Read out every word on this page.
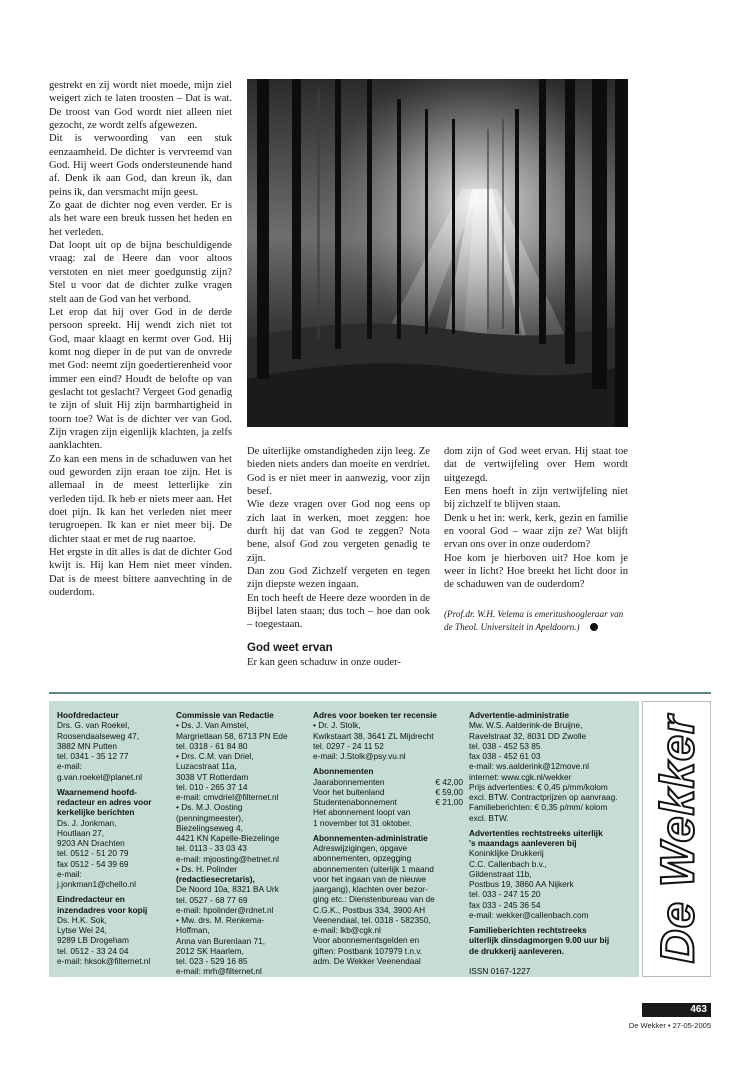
gestrekt en zij wordt niet moede, mijn ziel weigert zich te laten troosten – Dat is wat. De troost van God wordt niet alleen niet gezocht, ze wordt zelfs afgewezen.

Dit is verwoording van een stuk eenzaamheid. De dichter is vervreemd van God. Hij weert Gods ondersteunende hand af. Denk ik aan God, dan kreun ik, dan peins ik, dan versmacht mijn geest.

Zo gaat de dichter nog even verder. Er is als het ware een breuk tussen het heden en het verleden.

Dat loopt uit op de bijna beschuldigende vraag: zal de Heere dan voor altoos verstoten en niet meer goedgunstig zijn? Stel u voor dat de dichter zulke vragen stelt aan de God van het verbond.

Let erop dat hij over God in de derde persoon spreekt. Hij wendt zich niet tot God, maar klaagt en kermt over God. Hij komt nog dieper in de put van de onvrede met God: neemt zijn goedertierenheid voor immer een eind? Houdt de belofte op van geslacht tot geslacht? Vergeet God genadig te zijn of sluit Hij zijn barmhartigheid in toorn toe? Wat is de dichter ver van God. Zijn vragen zijn eigenlijk klachten, ja zelfs aanklachten.

Zo kan een mens in de schaduwen van het oud geworden zijn eraan toe zijn. Het is allemaal in de meest letterlijke zin verleden tijd. Ik heb er niets meer aan. Het doet pijn. Ik kan het verleden niet meer terugroepen. Ik kan er niet meer bij. De dichter staat er met de rug naartoe.

Het ergste in dit alles is dat de dichter God kwijt is. Hij kan Hem niet meer vinden. Dat is de meest bittere aanvechting in de ouderdom.

De uiterlijke omstandigheden zijn leeg. Ze bieden niets anders dan moeite en verdriet. God is er niet meer in aanwezig, voor zijn besef.

Wie deze vragen over God nog eens op zich laat in werken, moet zeggen: hoe durft hij dat van God te zeggen? Nota bene, alsof God zou vergeten genadig te zijn.

Dan zou God Zichzelf vergeten en tegen zijn diepste wezen ingaan.

En toch heeft de Heere deze woorden in de Bijbel laten staan; dus toch – hoe dan ook – toegestaan.

God weet ervan

Er kan geen schaduw in onze ouder-

dom zijn of God weet ervan. Hij staat toe dat de vertwijfeling over Hem wordt uitgezegd.

Een mens hoeft in zijn vertwijfeling niet bij zichzelf te blijven staan.

Denk u het in: werk, kerk, gezin en familie en vooral God – waar zijn ze? Wat blijft ervan ons over in onze ouderdom?

Hoe kom je hierboven uit? Hoe kom je weer in licht? Hoe breekt het licht door in de schaduwen van de ouderdom?

(Prof.dr. W.H. Velema is emeritushoogleraar van de Theol. Universiteit in Apeldoorn.)
Hoofdredacteur
Drs. G. van Roekel,
Roosendaalseweg 47,
3882 MN Putten
tel. 0341 - 35 12 77
e-mail:
g.van.roekel@planet.nl
Waarnemend hoofd-
redacteur en adres voor
kerkelijke berichten
Ds. J. Jonkman,
Houtlaan 27,
9203 AN Drachten
tel. 0512 - 51 20 79
fax 0512 - 54 39 69
e-mail:
j.jonkman1@chello.nl
Eindredacteur en
inzendadres voor kopij
Ds. H.K. Sok,
Lytse Wei 24,
9289 LB Drogeham
tel. 0512 - 33 24 04
e-mail: hksok@filternet.nl
Commissie van Redactie
• Ds. J. Van Amstel,
Margrietlaan 58, 6713 PN Ede
tel. 0318 - 61 84 80
• Drs. C.M. van Driel,
Luzacstraat 11a,
3038 VT Rotterdam
tel. 010 - 265 37 14
e-mail: cmvdriel@filternet.nl
• Ds. M.J. Oosting
(penningmeester),
Biezelingseweg 4,
4421 KN Kapelle-Biezelinge
tel. 0113 - 33 03 43
e-mail: mjoosting@hetnet.nl
• Ds. H. Polinder
(redactiesecretaris),
De Noord 10a, 8321 BA Urk
tel. 0527 - 68 77 69
e-mail: hpolinder@rdnet.nl
• Mw. drs. M. Renkema-
Hoffman,
Anna van Burenlaan 71,
2012 SK Haarlem,
tel. 023 - 529 16 85
e-mail: mrh@filternet.nl
Adres voor boeken ter recensie
• Dr. J. Stolk,
Kwikstaart 38, 3641 ZL Mijdrecht
tel. 0297 - 24 11 52
e-mail: J.Stolk@psy.vu.nl
Abonnementen
Jaarabonnementen	€ 42,00
Voor het buitenland	€ 59,00
Studentenabonnement	€ 21,00
Het abonnement loopt van
1 november tot 31 oktober.
Abonnementen-administratie
Adreswijzigingen, opgave
abonnementen, opzegging
abonnementen (uiterlijk 1 maand
voor het ingaan van de nieuwe
jaargang), klachten over bezor-
ging etc.: Dienstenbureau van de
C.G.K., Postbus 334, 3900 AH
Veenendaal, tel. 0318 - 582350,
e-mail: lkb@cgk.nl
Voor abonnementsgelden en
giften: Postbank 107979 t.n.v.
adm. De Wekker Veenendaal
Advertentie-administratie
Mw. W.S. Aalderink-de Bruijne,
Ravelstraat 32, 8031 DD Zwolle
tel. 038 - 452 53 85
fax 038 - 452 61 03
e-mail: ws.aalderink@12move.nl
internet: www.cgk.nl/wekker
Prijs advertenties: € 0,45 p/mm/kolom
excl. BTW. Contractprijzen op aanvraag.
Familieberichten: € 0,35 p/mm/ kolom
excl. BTW.
Advertenties rechtstreeks uiterlijk
's maandags aanleveren bij
Koninklijke Drukkerij
C.C. Callenbach b.v.,
Gildenstraat 11b,
Postbus 19, 3860 AA Nijkerk
tel. 033 - 247 15 20
fax 033 - 245 36 54
e-mail: wekker@callenbach.com
Familieberichten rechtstreeks
uiterlijk dinsdagmorgen 9.00 uur bij
de drukkerij aanleveren.
ISSN 0167-1227
De Wekker
463
De Wekker • 27-05-2005
